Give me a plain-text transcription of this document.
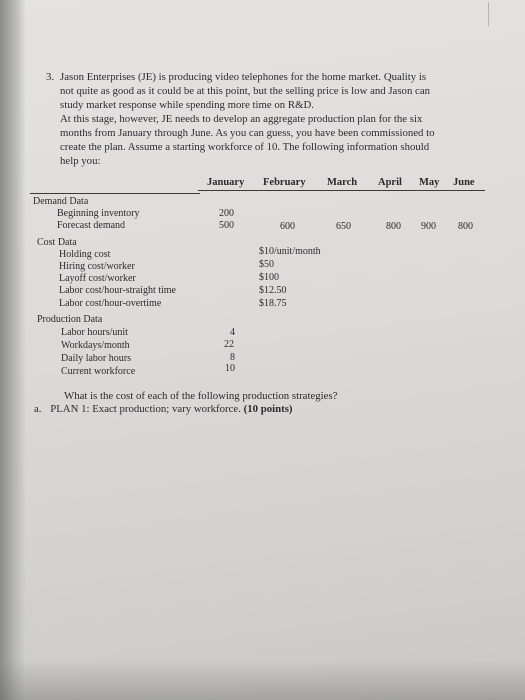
3. Jason Enterprises (JE) is producing video telephones for the home market. Quality is
not quite as good as it could be at this point, but the selling price is low and Jason can
study market response while spending more time on R&D.
At this stage, however, JE needs to develop an aggregate production plan for the six
months from January through June. As you can guess, you have been commissioned to
create the plan. Assume a starting workforce of 10. The following information should
help you:
January February March April May June
Demand Data
Beginning inventory	200
Forecast demand	500	600	650	800 900 800
Cost Data
Holding cost	$10/unit/month
Hiring cost/worker	$50
Layoff cost/worker	$100
Labor cost/hour-straight time	$12.50
Labor cost/hour-overtime	$18.75
Production Data
Labor hours/unit	4
Workdays/month	22
Daily labor hours	8
Current workforce	10
What is the cost of each of the following production strategies?
a. PLAN 1: Exact production; vary workforce. (10 points)
